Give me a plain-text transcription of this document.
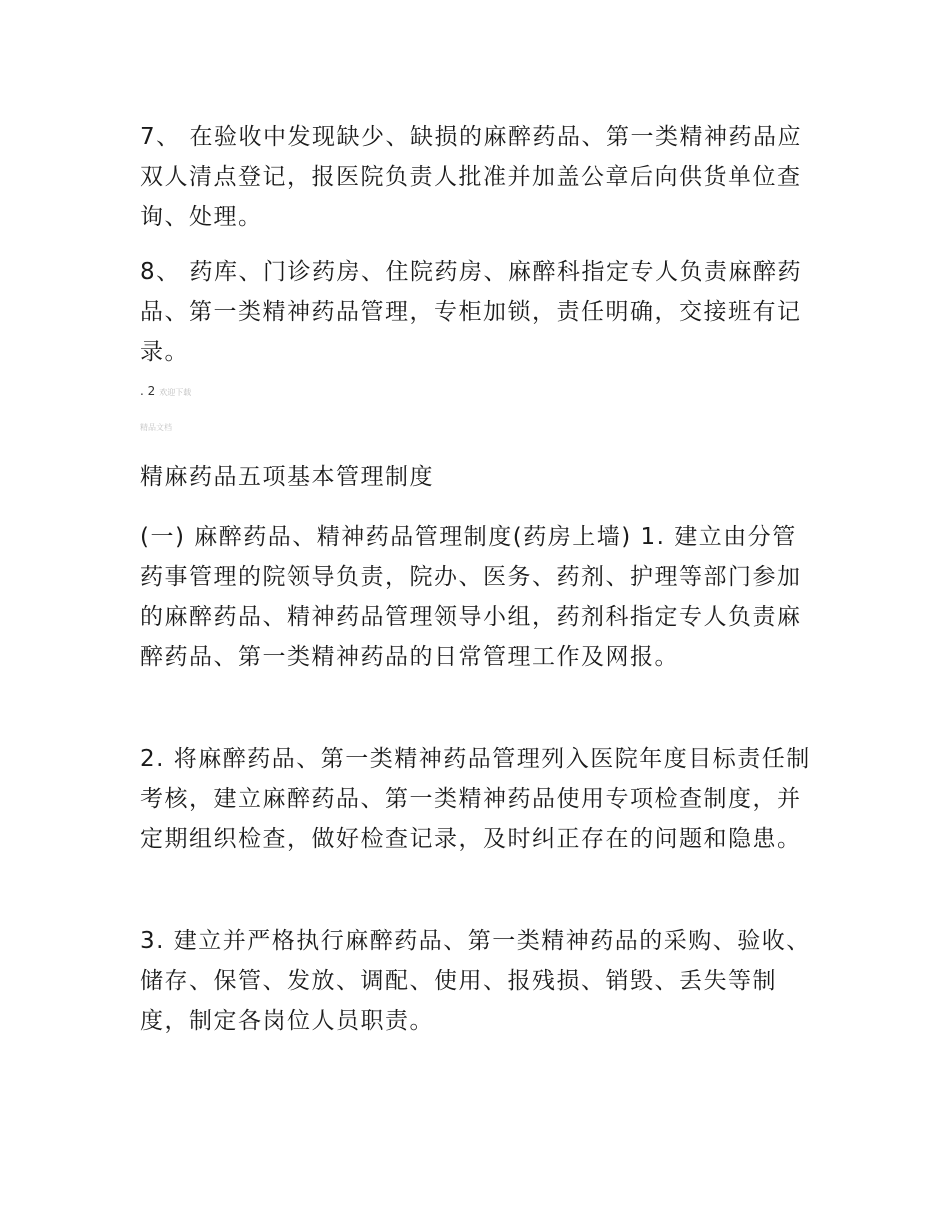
7、 在验收中发现缺少、缺损的麻醉药品、第一类精神药品应双人清点登记，报医院负责人批准并加盖公章后向供货单位查询、处理。

8、 药库、门诊药房、住院药房、麻醉科指定专人负责麻醉药品、第一类精神药品管理，专柜加锁，责任明确，交接班有记录。

. 2 欢迎下载
精品文档

精麻药品五项基本管理制度

(一) 麻醉药品、精神药品管理制度(药房上墙) 1. 建立由分管药事管理的院领导负责，院办、医务、药剂、护理等部门参加的麻醉药品、精神药品管理领导小组，药剂科指定专人负责麻醉药品、第一类精神药品的日常管理工作及网报。

2. 将麻醉药品、第一类精神药品管理列入医院年度目标责任制考核，建立麻醉药品、第一类精神药品使用专项检查制度，并定期组织检查，做好检查记录，及时纠正存在的问题和隐患。

3. 建立并严格执行麻醉药品、第一类精神药品的采购、验收、储存、保管、发放、调配、使用、报残损、销毁、丢失等制度，制定各岗位人员职责。
